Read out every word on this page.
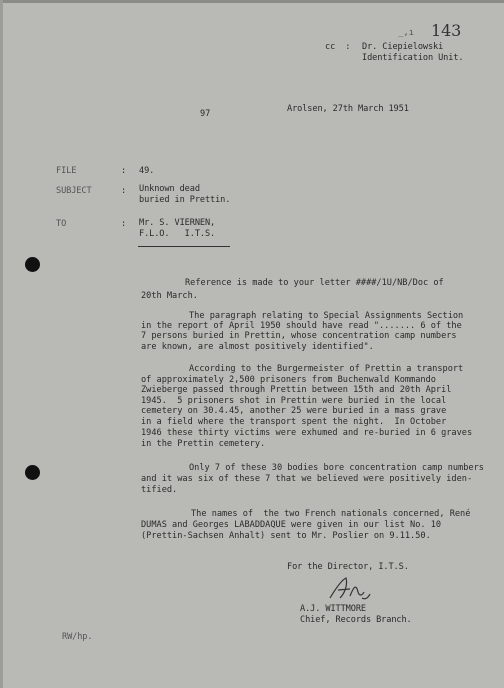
_‚ı 143
cc  : Dr. Ciepielowski
Identification Unit.
97	Arolsen, 27th March 1951
FILE	: 49.
SUBJECT	: Unknown dead
buried in Prettin.
TO	: Mr. S. VIERNEN,
F.L.O.   I.T.S.
Reference is made to your letter ####/1U/NB/Doc of
20th March.
The paragraph relating to Special Assignments Section
in the report of April 1950 should have read "....... 6 of the
7 persons buried in Prettin, whose concentration camp numbers
are known, are almost positively identified".
According to the Burgermeister of Prettin a transport
of approximately 2,500 prisoners from Buchenwald Kommando
Zwieberge passed through Prettin between 15th and 20th April
1945.  5 prisoners shot in Prettin were buried in the local
cemetery on 30.4.45, another 25 were buried in a mass grave
in a field where the transport spent the night.  In October
1946 these thirty victims were exhumed and re-buried in 6 graves
in the Prettin cemetery.
Only 7 of these 30 bodies bore concentration camp numbers
and it was six of these 7 that we believed were positively iden-
tified.
The names of  the two French nationals concerned, René
DUMAS and Georges LABADDAQUE were given in our list No. 10
(Prettin-Sachsen Anhalt) sent to Mr. Poslier on 9.11.50.
For the Director, I.T.S.
A.J. WITTMORE
Chief, Records Branch.
RW/hp.
